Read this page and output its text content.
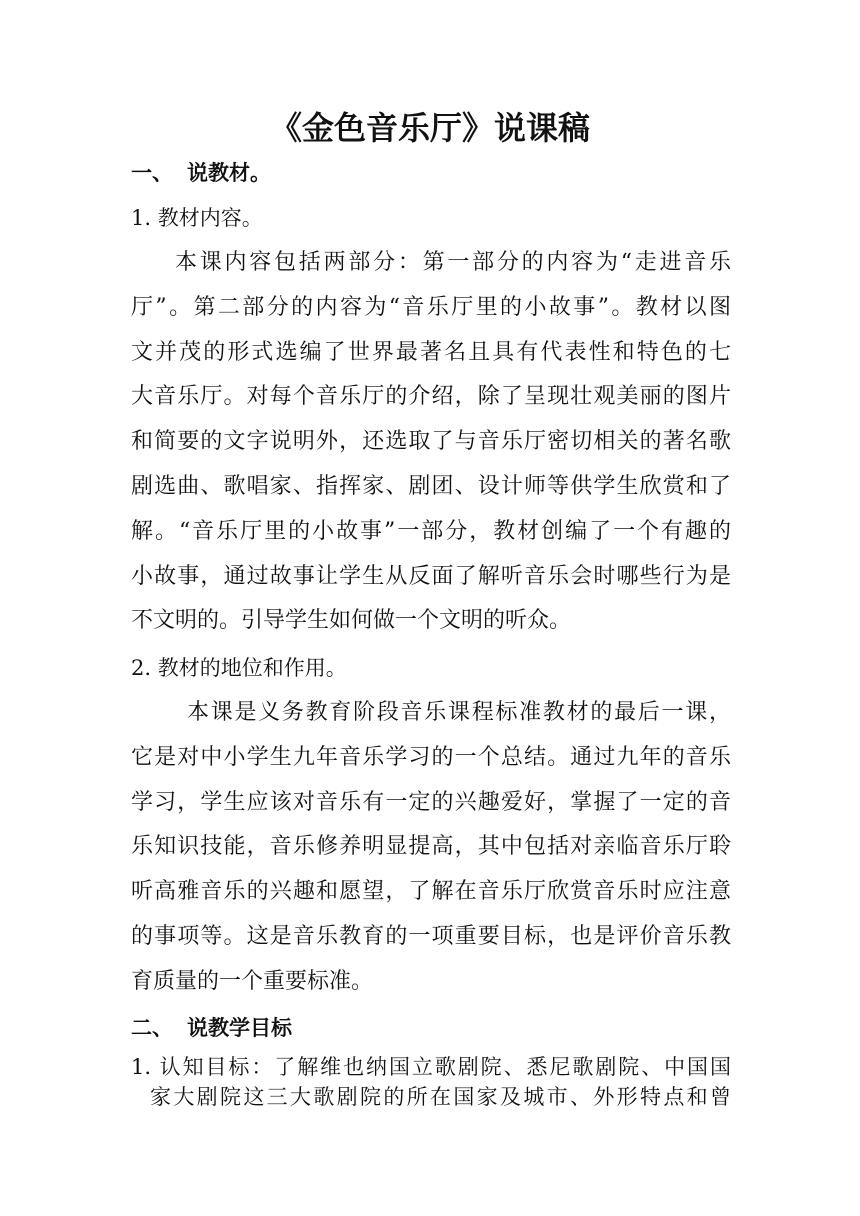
《金色音乐厅》说课稿
一、 说教材。
1. 教材内容。
本课内容包括两部分：第一部分的内容为“走进音乐
厅”。第二部分的内容为“音乐厅里的小故事”。教材以图
文并茂的形式选编了世界最著名且具有代表性和特色的七
大音乐厅。对每个音乐厅的介绍，除了呈现壮观美丽的图片
和简要的文字说明外，还选取了与音乐厅密切相关的著名歌
剧选曲、歌唱家、指挥家、剧团、设计师等供学生欣赏和了
解。“音乐厅里的小故事”一部分，教材创编了一个有趣的
小故事，通过故事让学生从反面了解听音乐会时哪些行为是
不文明的。引导学生如何做一个文明的听众。
2. 教材的地位和作用。
本课是义务教育阶段音乐课程标准教材的最后一课，
它是对中小学生九年音乐学习的一个总结。通过九年的音乐
学习，学生应该对音乐有一定的兴趣爱好，掌握了一定的音
乐知识技能，音乐修养明显提高，其中包括对亲临音乐厅聆
听高雅音乐的兴趣和愿望，了解在音乐厅欣赏音乐时应注意
的事项等。这是音乐教育的一项重要目标，也是评价音乐教
育质量的一个重要标准。
二、 说教学目标
1. 认知目标：了解维也纳国立歌剧院、悉尼歌剧院、中国国
家大剧院这三大歌剧院的所在国家及城市、外形特点和曾
